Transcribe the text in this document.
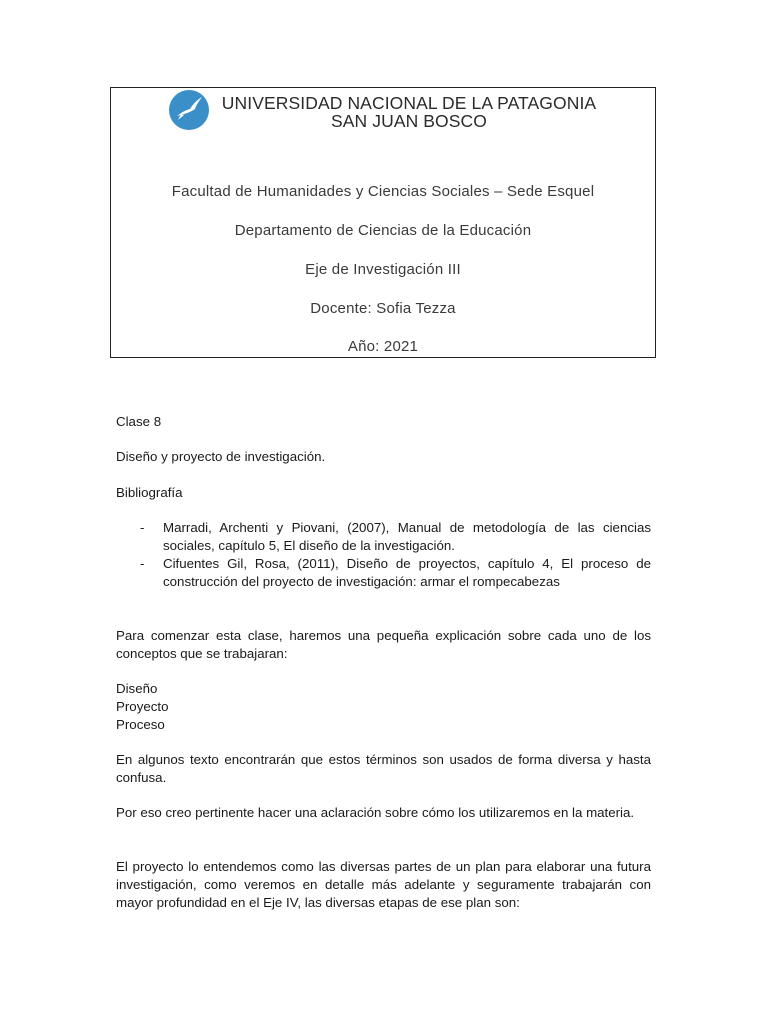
UNIVERSIDAD NACIONAL DE LA PATAGONIA
SAN JUAN BOSCO
Facultad de Humanidades y Ciencias Sociales – Sede Esquel
Departamento de Ciencias de la Educación
Eje de Investigación III
Docente: Sofia Tezza
Año: 2021
Clase 8
Diseño y proyecto de investigación.
Bibliografía
- Marradi, Archenti y Piovani, (2007), Manual de metodología de las ciencias sociales, capítulo 5, El diseño de la investigación.
- Cifuentes Gil, Rosa, (2011), Diseño de proyectos, capítulo 4, El proceso de construcción del proyecto de investigación: armar el rompecabezas
Para comenzar esta clase, haremos una pequeña explicación sobre cada uno de los conceptos que se trabajaran:
Diseño
Proyecto
Proceso
En algunos texto encontrarán que estos términos son usados de forma diversa y hasta confusa.
Por eso creo pertinente hacer una aclaración sobre cómo los utilizaremos en la materia.
El proyecto lo entendemos como las diversas partes de un plan para elaborar una futura investigación, como veremos en detalle más adelante y seguramente trabajarán con mayor profundidad en el Eje IV, las diversas etapas de ese plan son:
